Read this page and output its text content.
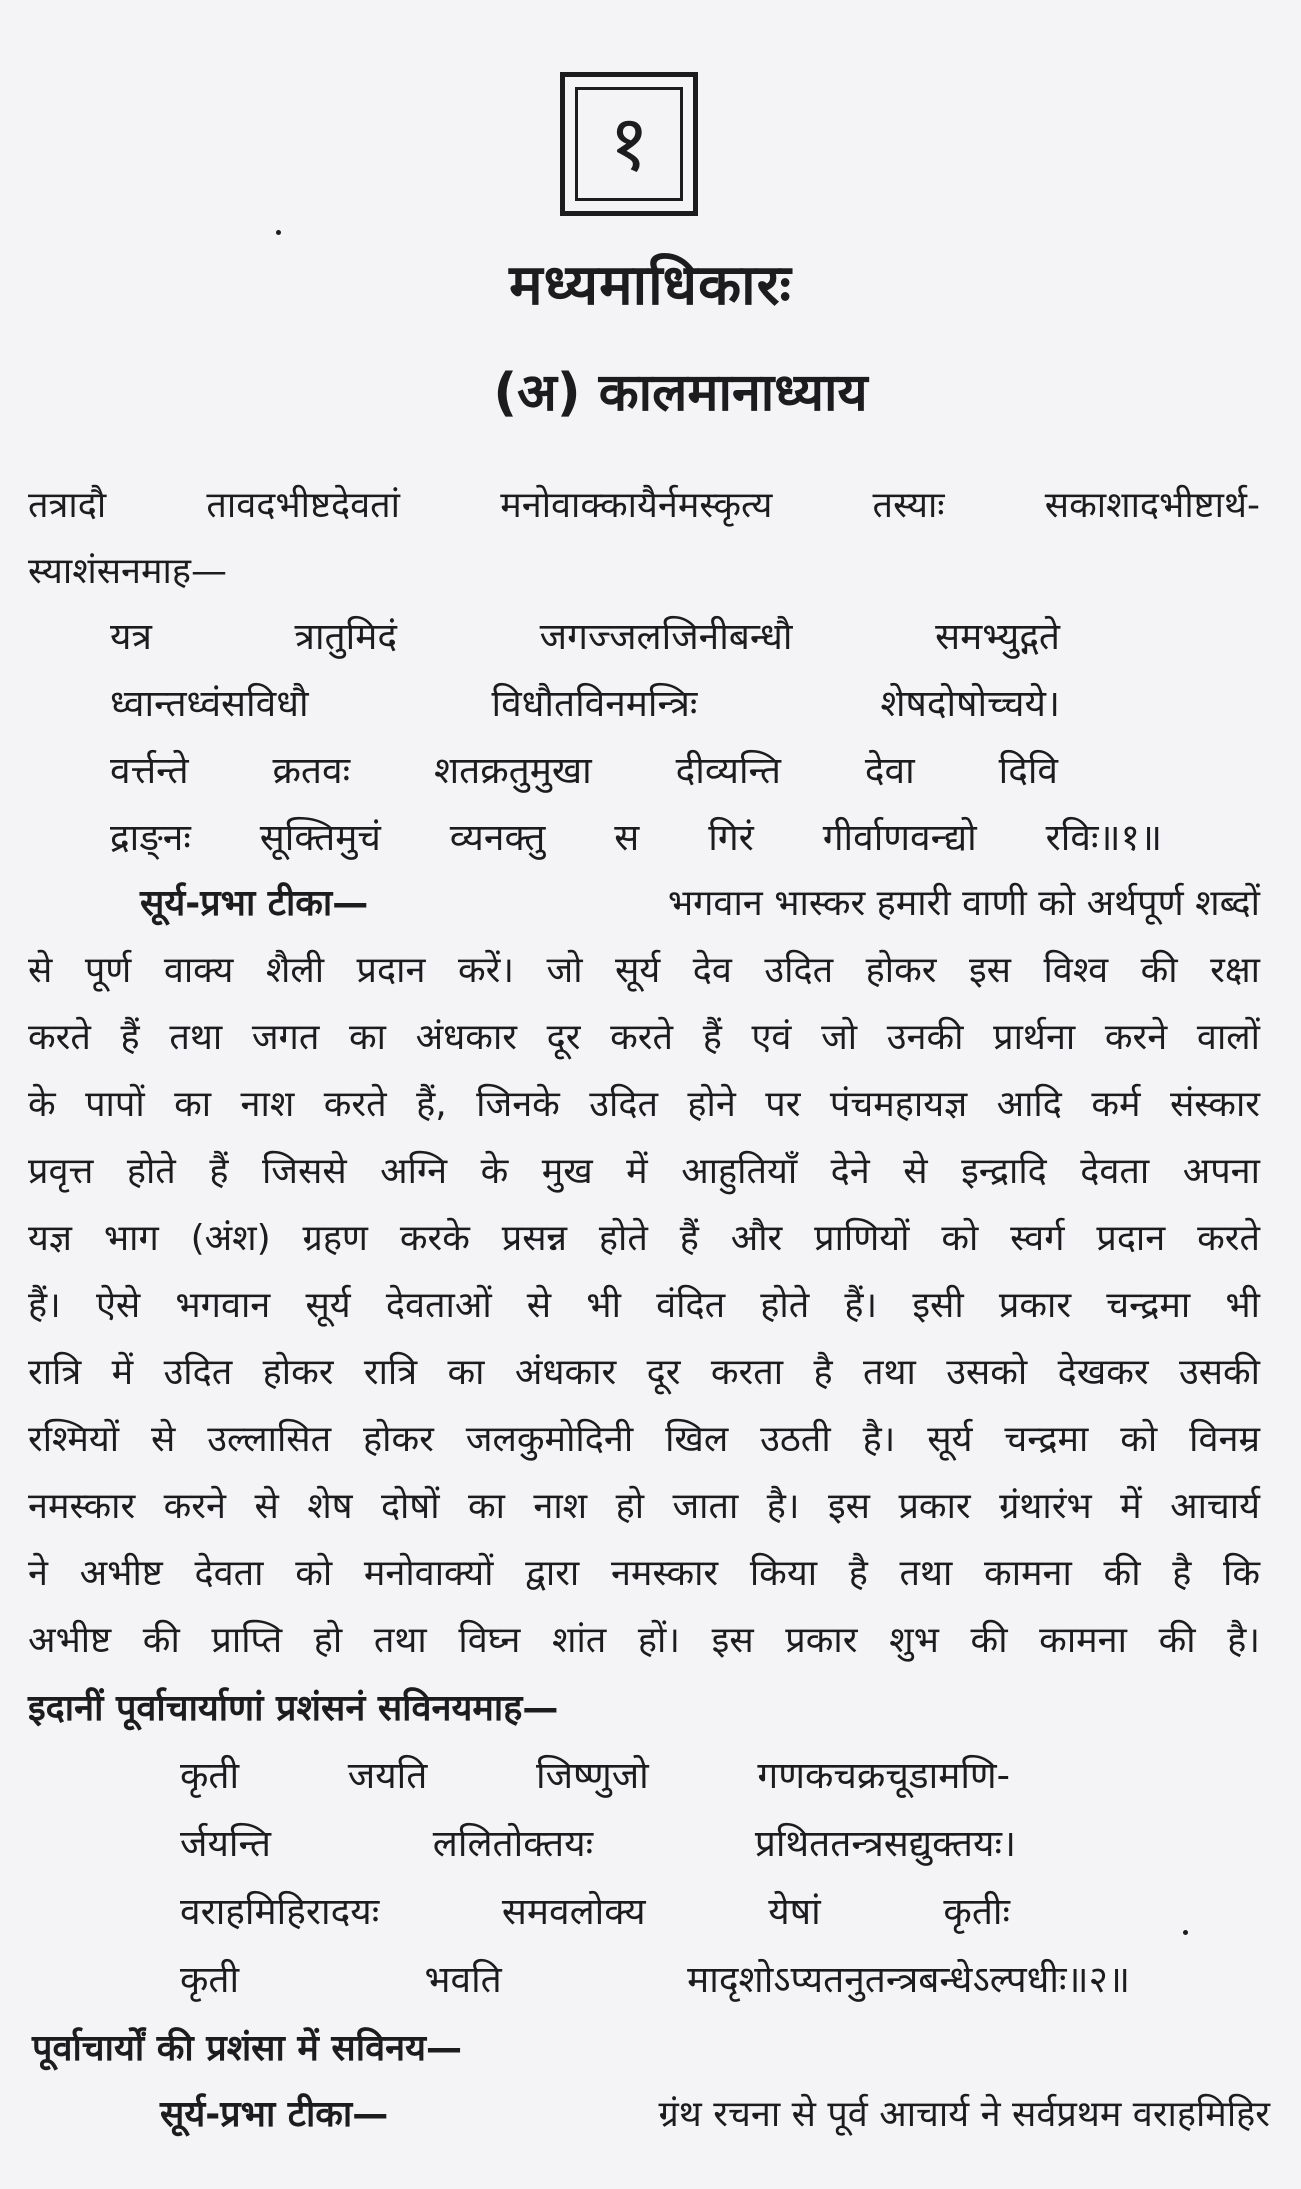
१
मध्यमाधिकारः
(अ) कालमानाध्याय
तत्रादौ तावदभीष्टदेवतां मनोवाक्कायैर्नमस्कृत्य तस्याः सकाशादभीष्टार्थ-
स्याशंसनमाह—
यत्र	त्रातुमिदं	जगज्जलजिनीबन्धौ	समभ्युद्गते
ध्वान्तध्वंसविधौ	विधौतविनमन्त्रिः	शेषदोषोच्चये।
वर्त्तन्ते क्रतवः शतक्रतुमुखा दीव्यन्ति देवा दिवि
द्राङ्नः सूक्तिमुचं व्यनक्तु स गिरं गीर्वाणवन्द्यो रविः॥१॥
सूर्य-प्रभा टीका—	भगवान भास्कर हमारी वाणी को अर्थपूर्ण शब्दों
से पूर्ण वाक्य शैली प्रदान करें। जो सूर्य देव उदित होकर इस विश्व की रक्षा
करते हैं तथा जगत का अंधकार दूर करते हैं एवं जो उनकी प्रार्थना करने वालों
के पापों का नाश करते हैं, जिनके उदित होने पर पंचमहायज्ञ आदि कर्म संस्कार
प्रवृत्त होते हैं जिससे अग्नि के मुख में आहुतियाँ देने से इन्द्रादि देवता अपना
यज्ञ भाग (अंश) ग्रहण करके प्रसन्न होते हैं और प्राणियों को स्वर्ग प्रदान करते
हैं। ऐसे भगवान सूर्य देवताओं से भी वंदित होते हैं। इसी प्रकार चन्द्रमा भी
रात्रि में उदित होकर रात्रि का अंधकार दूर करता है तथा उसको देखकर उसकी
रश्मियों से उल्लासित होकर जलकुमोदिनी खिल उठती है। सूर्य चन्द्रमा को विनम्र
नमस्कार करने से शेष दोषों का नाश हो जाता है। इस प्रकार ग्रंथारंभ में आचार्य
ने अभीष्ट देवता को मनोवाक्यों द्वारा नमस्कार किया है तथा कामना की है कि
अभीष्ट की प्राप्ति हो तथा विघ्न शांत हों। इस प्रकार शुभ की कामना की है।
इदानीं पूर्वाचार्याणां प्रशंसनं सविनयमाह—
कृती	जयति	जिष्णुजो	गणकचक्रचूडामणि-
र्जयन्ति	ललितोक्तयः	प्रथिततन्त्रसद्युक्तयः।
वराहमिहिरादयः	समवलोक्य	येषां	कृतीः
कृती	भवति	मादृशोऽप्यतनुतन्त्रबन्धेऽल्पधीः॥२॥
पूर्वाचार्यों की प्रशंसा में सविनय—
सूर्य-प्रभा टीका—	ग्रंथ रचना से पूर्व आचार्य ने सर्वप्रथम वराहमिहिर
